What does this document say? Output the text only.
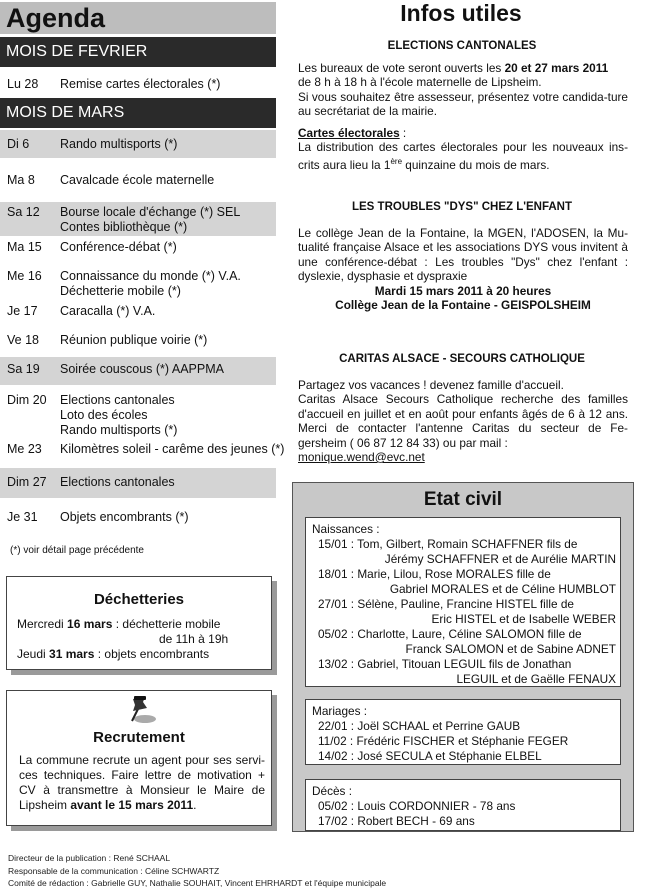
Agenda
MOIS DE FEVRIER
Lu 28 Remise cartes électorales (*)
MOIS DE MARS
Di 6 Rando multisports (*)
Ma 8 Cavalcade école maternelle
Sa 12 Bourse locale d'échange (*) SEL
Contes bibliothèque (*)
Ma 15 Conférence-débat (*)
Me 16 Connaissance du monde (*) V.A.
Déchetterie mobile (*)
Je 17 Caracalla (*) V.A.
Ve 18 Réunion publique voirie (*)
Sa 19 Soirée couscous (*) AAPPMA
Dim 20 Elections cantonales
Loto des écoles
Rando multisports (*)
Me 23 Kilomètres soleil - carême des jeunes (*)
Dim 27 Elections cantonales
Je 31 Objets encombrants (*)
(*) voir détail page précédente
Déchetteries
Mercredi 16 mars : déchetterie mobile
de 11h à 19h
Jeudi 31 mars : objets encombrants
Recrutement
La commune recrute un agent pour ses servi-ces techniques. Faire lettre de motivation + CV à transmettre à Monsieur le Maire de Lipsheim avant le 15 mars 2011.
Directeur de la publication : René SCHAAL
Responsable de la communication : Céline SCHWARTZ
Comité de rédaction : Gabrielle GUY, Nathalie SOUHAIT, Vincent EHRHARDT et l'équipe municipale
Infos utiles
ELECTIONS CANTONALES
Les bureaux de vote seront ouverts les 20 et 27 mars 2011
de 8 h à 18 h à l'école maternelle de Lipsheim.
Si vous souhaitez être assesseur, présentez votre candida-ture au secrétariat de la mairie.
Cartes électorales :
La distribution des cartes électorales pour les nouveaux ins-crits aura lieu la 1ère quinzaine du mois de mars.
LES TROUBLES "DYS" CHEZ L'ENFANT
Le collège Jean de la Fontaine, la MGEN, l'ADOSEN, la Mu-tualité française Alsace et les associations DYS vous invitent à une conférence-débat : Les troubles "Dys" chez l'enfant : dyslexie, dysphasie et dyspraxie
Mardi 15 mars 2011 à 20 heures
Collège Jean de la Fontaine - GEISPOLSHEIM
CARITAS ALSACE - SECOURS CATHOLIQUE
Partagez vos vacances ! devenez famille d'accueil.
Caritas Alsace Secours Catholique recherche des familles d'accueil en juillet et en août pour enfants âgés de 6 à 12 ans. Merci de contacter l'antenne Caritas du secteur de Fe-gersheim ( 06 87 12 84 33) ou par mail :
monique.wend@evc.net
Etat civil
Naissances :
15/01 : Tom, Gilbert, Romain SCHAFFNER fils de
Jérémy SCHAFFNER et de Aurélie MARTIN
18/01 : Marie, Lilou, Rose MORALES fille de
Gabriel MORALES et de Céline HUMBLOT
27/01 : Sélène, Pauline, Francine HISTEL fille de
Eric HISTEL et de Isabelle WEBER
05/02 : Charlotte, Laure, Céline SALOMON fille de
Franck SALOMON et de Sabine ADNET
13/02 : Gabriel, Titouan LEGUIL fils de Jonathan
LEGUIL et de Gaëlle FENAUX
Mariages :
22/01 : Joël SCHAAL et Perrine GAUB
11/02 : Frédéric FISCHER et Stéphanie FEGER
14/02 : José SECULA et Stéphanie ELBEL
Décès :
05/02 : Louis CORDONNIER - 78 ans
17/02 : Robert BECH - 69 ans
